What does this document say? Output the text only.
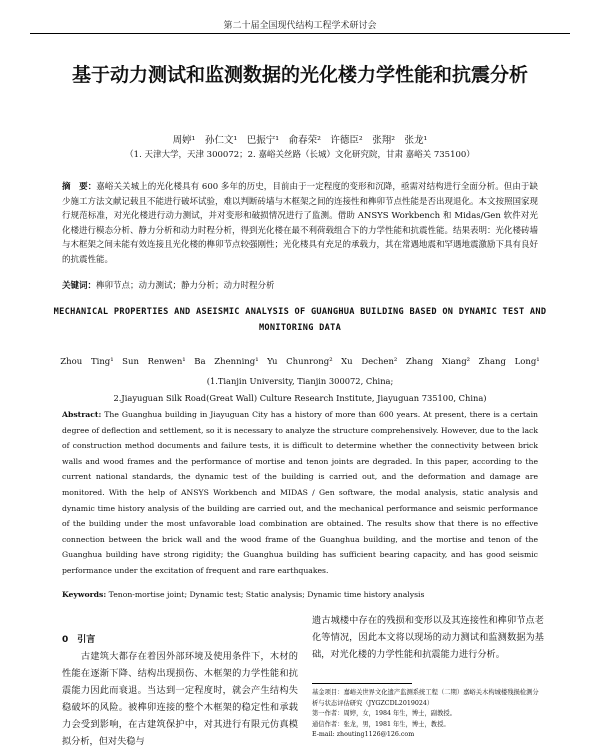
第二十届全国现代结构工程学术研讨会
基于动力测试和监测数据的光化楼力学性能和抗震分析
周婷¹　孙仁文¹　巴振宁¹　俞春荣²　许德臣²　张翔²　张龙¹
（1. 天津大学，天津 300072；2. 嘉峪关丝路（长城）文化研究院，甘肃 嘉峪关 735100）
摘　要：嘉峪关关城上的光化楼具有 600 多年的历史，目前由于一定程度的变形和沉降，亟需对结构进行全面分析。但由于缺少施工方法文献记载且不能进行破坏试验，难以判断砖墙与木框架之间的连接性和榫卯节点性能是否出现退化。本文按照国家现行规范标准，对光化楼进行动力测试，并对变形和破损情况进行了监测。借助 ANSYS Workbench 和 Midas/Gen 软件对光化楼进行模态分析、静力分析和动力时程分析，得到光化楼在最不利荷载组合下的力学性能和抗震性能。结果表明：光化楼砖墙与木框架之间未能有效连接且光化楼的榫卯节点较强刚性；光化楼具有充足的承载力，其在常遇地震和罕遇地震激励下具有良好的抗震性能。
关键词：榫卯节点；动力测试；静力分析；动力时程分析
MECHANICAL PROPERTIES AND ASEISMIC ANALYSIS OF GUANGHUA BUILDING BASED ON DYNAMIC TEST AND
MONITORING DATA
Zhou Ting¹　Sun Renwen¹　Ba Zhenning¹　Yu Chunrong²　Xu Dechen²　Zhang Xiang²　Zhang Long¹
(1.Tianjin University, Tianjin 300072, China;
2.Jiayuguan Silk Road(Great Wall) Culture Research Institute, Jiayuguan 735100, China)
Abstract: The Guanghua building in Jiayuguan City has a history of more than 600 years. At present, there is a certain degree of deflection and settlement, so it is necessary to analyze the structure comprehensively. However, due to the lack of construction method documents and failure tests, it is difficult to determine whether the connectivity between brick walls and wood frames and the performance of mortise and tenon joints are degraded. In this paper, according to the current national standards, the dynamic test of the building is carried out, and the deformation and damage are monitored. With the help of ANSYS Workbench and MIDAS / Gen software, the modal analysis, static analysis and dynamic time history analysis of the building are carried out, and the mechanical performance and seismic performance of the building under the most unfavorable load combination are obtained. The results show that there is no effective connection between the brick wall and the wood frame of the Guanghua building, and the mortise and tenon of the Guanghua building have strong rigidity; the Guanghua building has sufficient bearing capacity, and has good seismic performance under the excitation of frequent and rare earthquakes.
Keywords: Tenon-mortise joint; Dynamic test; Static analysis; Dynamic time history analysis
0　引言

　　古建筑大都存在着因外部环境及使用条件下，木材的性能在逐渐下降、结构出现损伤、木框架的力学性能和抗震能力因此而衰退。当达到一定程度时，就会产生结构失稳破坏的风险。被榫卯连接的整个木框架的稳定性和承载力会受到影响，在古建筑保护中，对其进行有限元仿真模拟分析，但对失稳与

遗古城楼中存在的残损和变形以及其连接性和榫卯节点老化等情况，因此本文将以现场的动力测试和监测数据为基础，对光化楼的力学性能和抗震能力进行分析。

基金项目：嘉峪关世界文化遗产监测系统工程（二期）嘉峪关木构城楼残损检测分析与状态评估研究（JYGZCDL2019024）
第一作者：周婷，女，1984 年生，博士，副教授。
通信作者：张龙，男，1981 年生，博士，教授。
E-mail: zhouting1126@126.com
